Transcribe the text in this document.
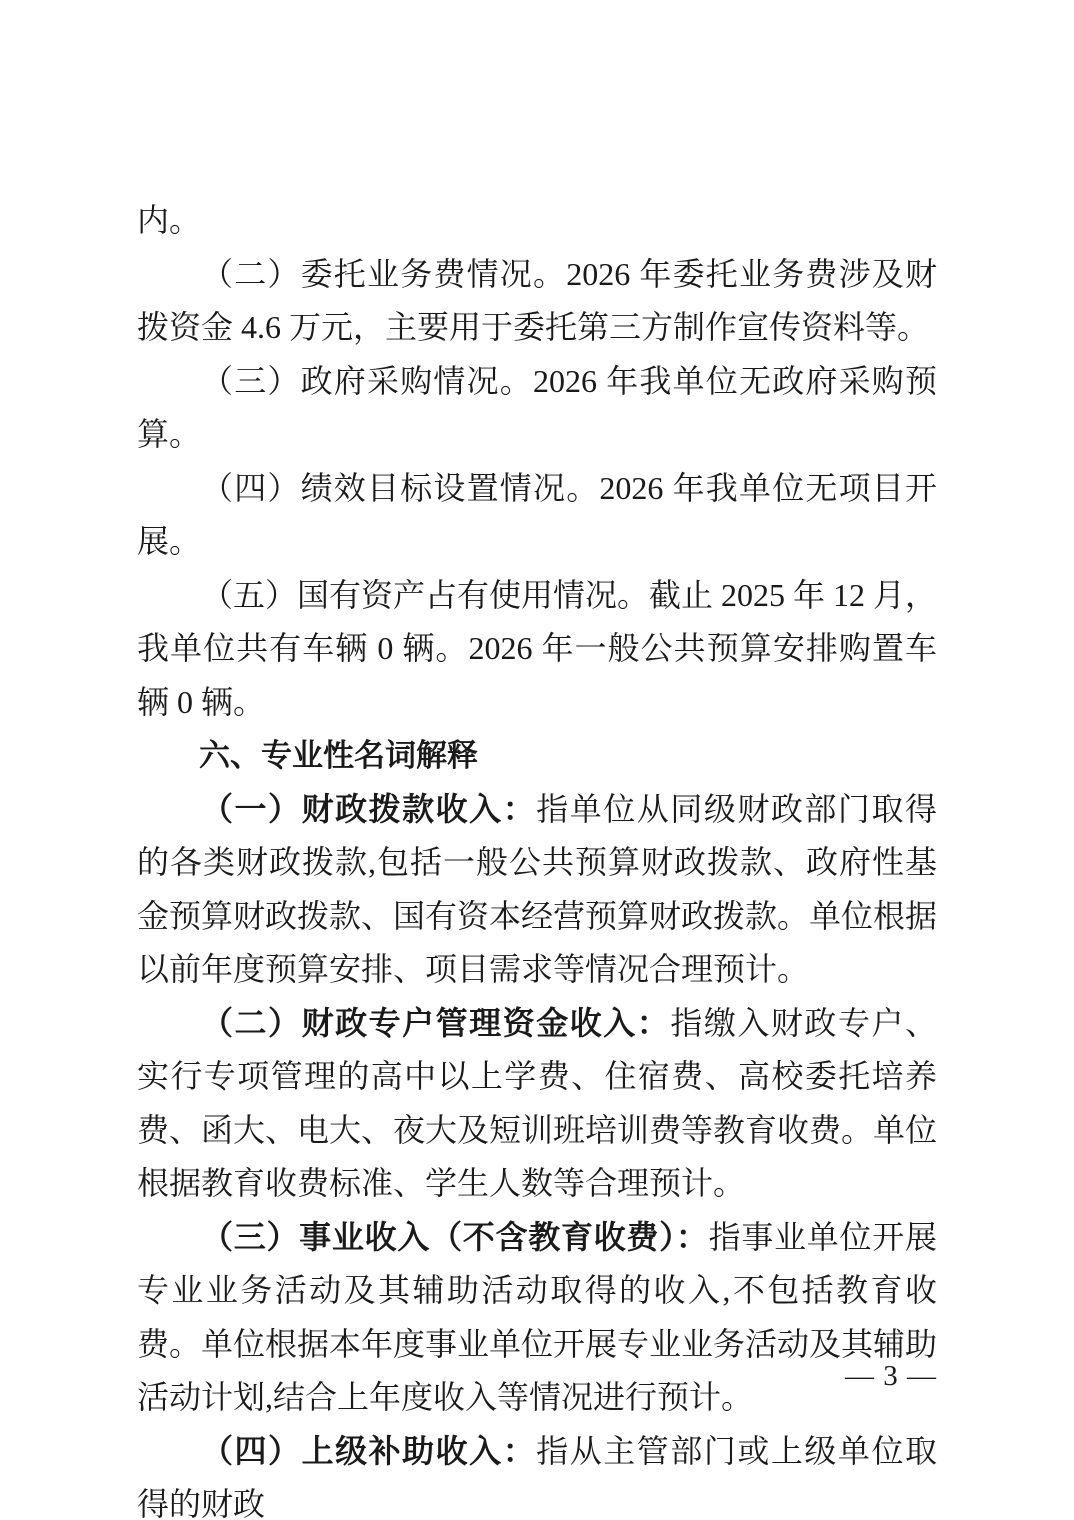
内。

（二）委托业务费情况。2026 年委托业务费涉及财拨资金 4.6 万元，主要用于委托第三方制作宣传资料等。

（三）政府采购情况。2026 年我单位无政府采购预算。

（四）绩效目标设置情况。2026 年我单位无项目开展。

（五）国有资产占有使用情况。截止 2025 年 12 月，我单位共有车辆 0 辆。2026 年一般公共预算安排购置车辆 0 辆。

六、专业性名词解释

（一）财政拨款收入：指单位从同级财政部门取得的各类财政拨款,包括一般公共预算财政拨款、政府性基金预算财政拨款、国有资本经营预算财政拨款。单位根据以前年度预算安排、项目需求等情况合理预计。

（二）财政专户管理资金收入：指缴入财政专户、实行专项管理的高中以上学费、住宿费、高校委托培养费、函大、电大、夜大及短训班培训费等教育收费。单位根据教育收费标准、学生人数等合理预计。

（三）事业收入（不含教育收费）：指事业单位开展专业业务活动及其辅助活动取得的收入,不包括教育收费。单位根据本年度事业单位开展专业业务活动及其辅助活动计划,结合上年度收入等情况进行预计。

（四）上级补助收入：指从主管部门或上级单位取得的财政

— 3 —
